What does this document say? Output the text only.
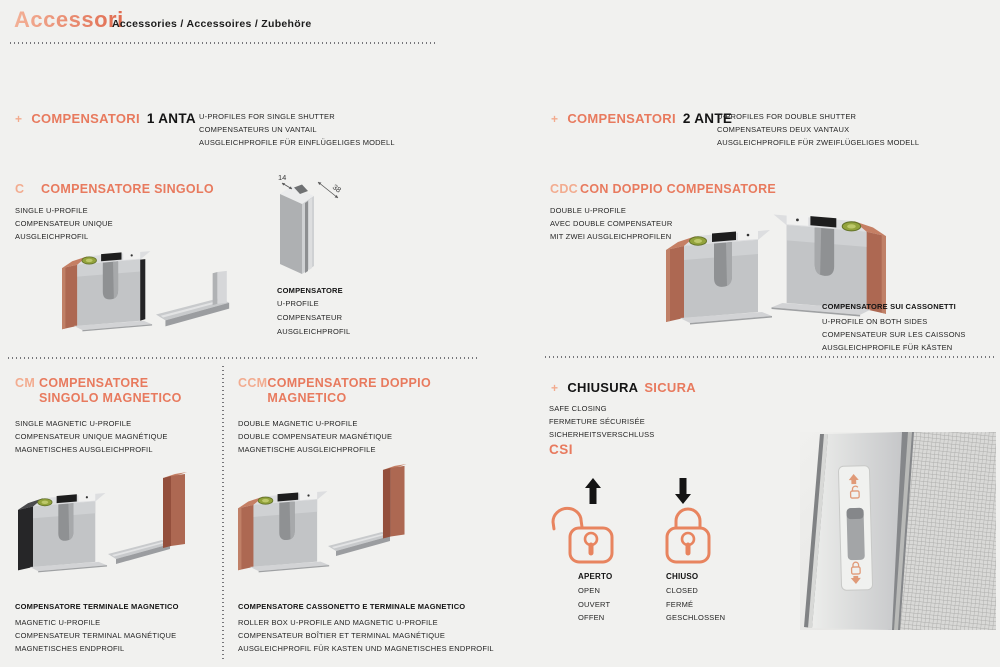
Accessori
Accessories / Accessoires / Zubehöre
+ COMPENSATORI 1 ANTA U-PROFILES FOR SINGLE SHUTTER
COMPENSATEURS UN VANTAIL
AUSGLEICHPROFILE FÜR EINFLÜGELIGES MODELL
C	COMPENSATORE SINGOLO
SINGLE U-PROFILE
COMPENSATEUR UNIQUE
AUSGLEICHPROFIL
14
38
COMPENSATORE
U-PROFILE
COMPENSATEUR
AUSGLEICHPROFIL
CM COMPENSATORE SINGOLO MAGNETICO
SINGLE MAGNETIC U-PROFILE
COMPENSATEUR UNIQUE MAGNÉTIQUE
MAGNETISCHES AUSGLEICHPROFIL
COMPENSATORE TERMINALE MAGNETICO
MAGNETIC U-PROFILE
COMPENSATEUR TERMINAL MAGNÉTIQUE
MAGNETISCHES ENDPROFIL
CCM COMPENSATORE DOPPIO MAGNETICO
DOUBLE MAGNETIC U-PROFILE
DOUBLE COMPENSATEUR MAGNÉTIQUE
MAGNETISCHE AUSGLEICHPROFILE
COMPENSATORE CASSONETTO E TERMINALE MAGNETICO
ROLLER BOX U-PROFILE AND MAGNETIC U-PROFILE
COMPENSATEUR BOÎTIER ET TERMINAL MAGNÉTIQUE
AUSGLEICHPROFIL FÜR KASTEN UND MAGNETISCHES ENDPROFIL
+ COMPENSATORI 2 ANTE
U-PROFILES FOR DOUBLE SHUTTER
COMPENSATEURS DEUX VANTAUX
AUSGLEICHPROFILE FÜR ZWEIFLÜGELIGES MODELL
CDC CON DOPPIO COMPENSATORE
DOUBLE U-PROFILE
AVEC DOUBLE COMPENSATEUR
MIT ZWEI AUSGLEICHPROFILEN
COMPENSATORE SUI CASSONETTI
U-PROFILE ON BOTH SIDES
COMPENSATEUR SUR LES CAISSONS
AUSGLEICHPROFILE FÜR KÄSTEN
+ CHIUSURA SICURA
SAFE CLOSING
FERMETURE SÉCURISÉE
SICHERHEITSVERSCHLUSS
CSI
APERTO
OPEN
OUVERT
OFFEN
CHIUSO
CLOSED
FERMÉ
GESCHLOSSEN
